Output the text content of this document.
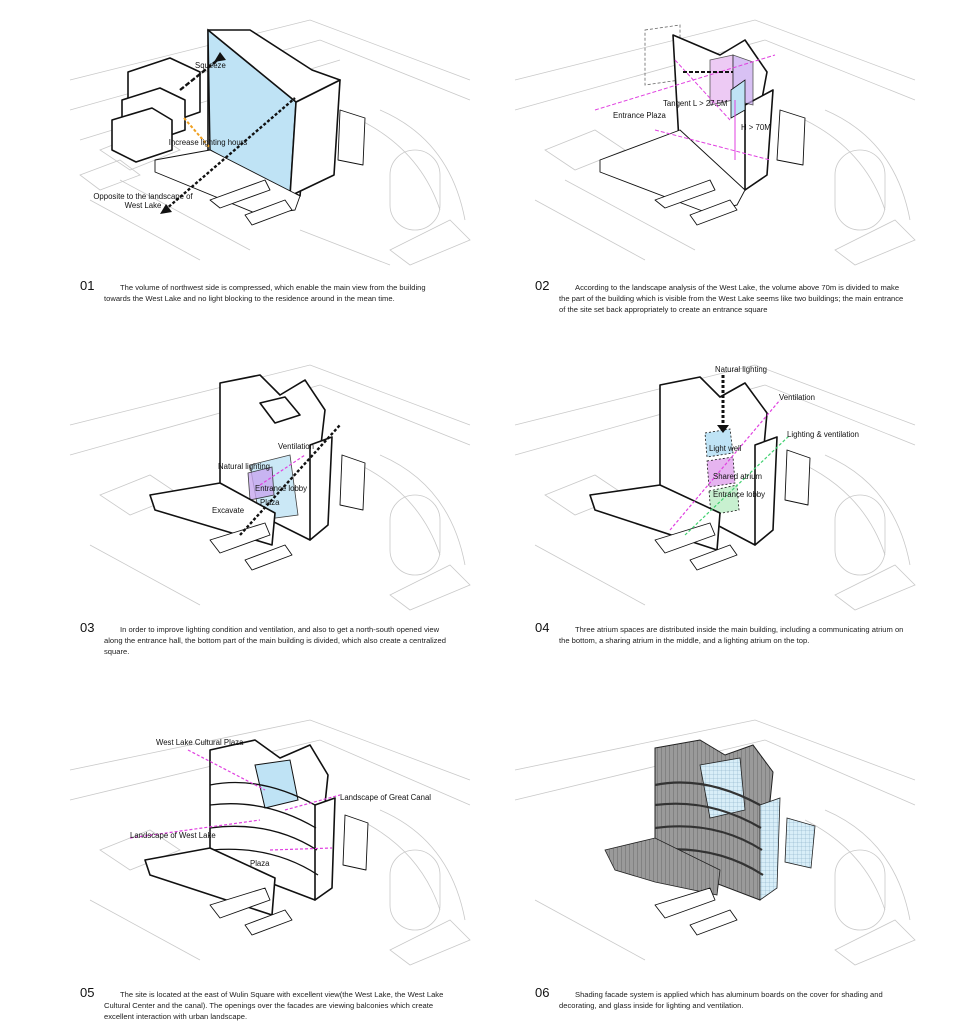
Squeeze
Increase lighting hours
Opposite to the landscape of West Lake
Tangent L > 27.5M
Entrance Plaza
H > 70M
01	The volume of northwest side is compressed, which enable the main view from the building towards the West Lake and no light blocking to the residence around in the mean time.
02	According to the landscape analysis of the West Lake, the volume above 70m is divided to make the part of the building which is visible from the West Lake seems like two buildings; the main entrance of the site set back appropriately to create an entrance square
Ventilation
Natural lighting
Entrance lobby
Excavate
Plaza
Natural lighting
Ventilation
Lighting & ventilation
Light well
Shared atrium
Entrance lobby
03	In order to improve lighting condition and ventilation, and also to get a north-south opened view along the entrance hall, the bottom part of the main building is divided, which also create a centralized square.
04	Three atrium spaces are distributed inside the main building, including a communicating atrium on the bottom, a sharing atrium in the middle, and a lighting atrium on the top.
West Lake Cultural Plaza
Landscape of Great Canal
Landscape of West Lake
Plaza
05	The site is located at the east of Wulin Square with excellent view(the West Lake, the West Lake Cultural Center and the canal). The openings over the facades are viewing balconies which create excellent interaction with urban landscape.
06	Shading facade system is applied which has aluminum boards on the cover for shading and decorating, and glass inside for lighting and ventilation.
